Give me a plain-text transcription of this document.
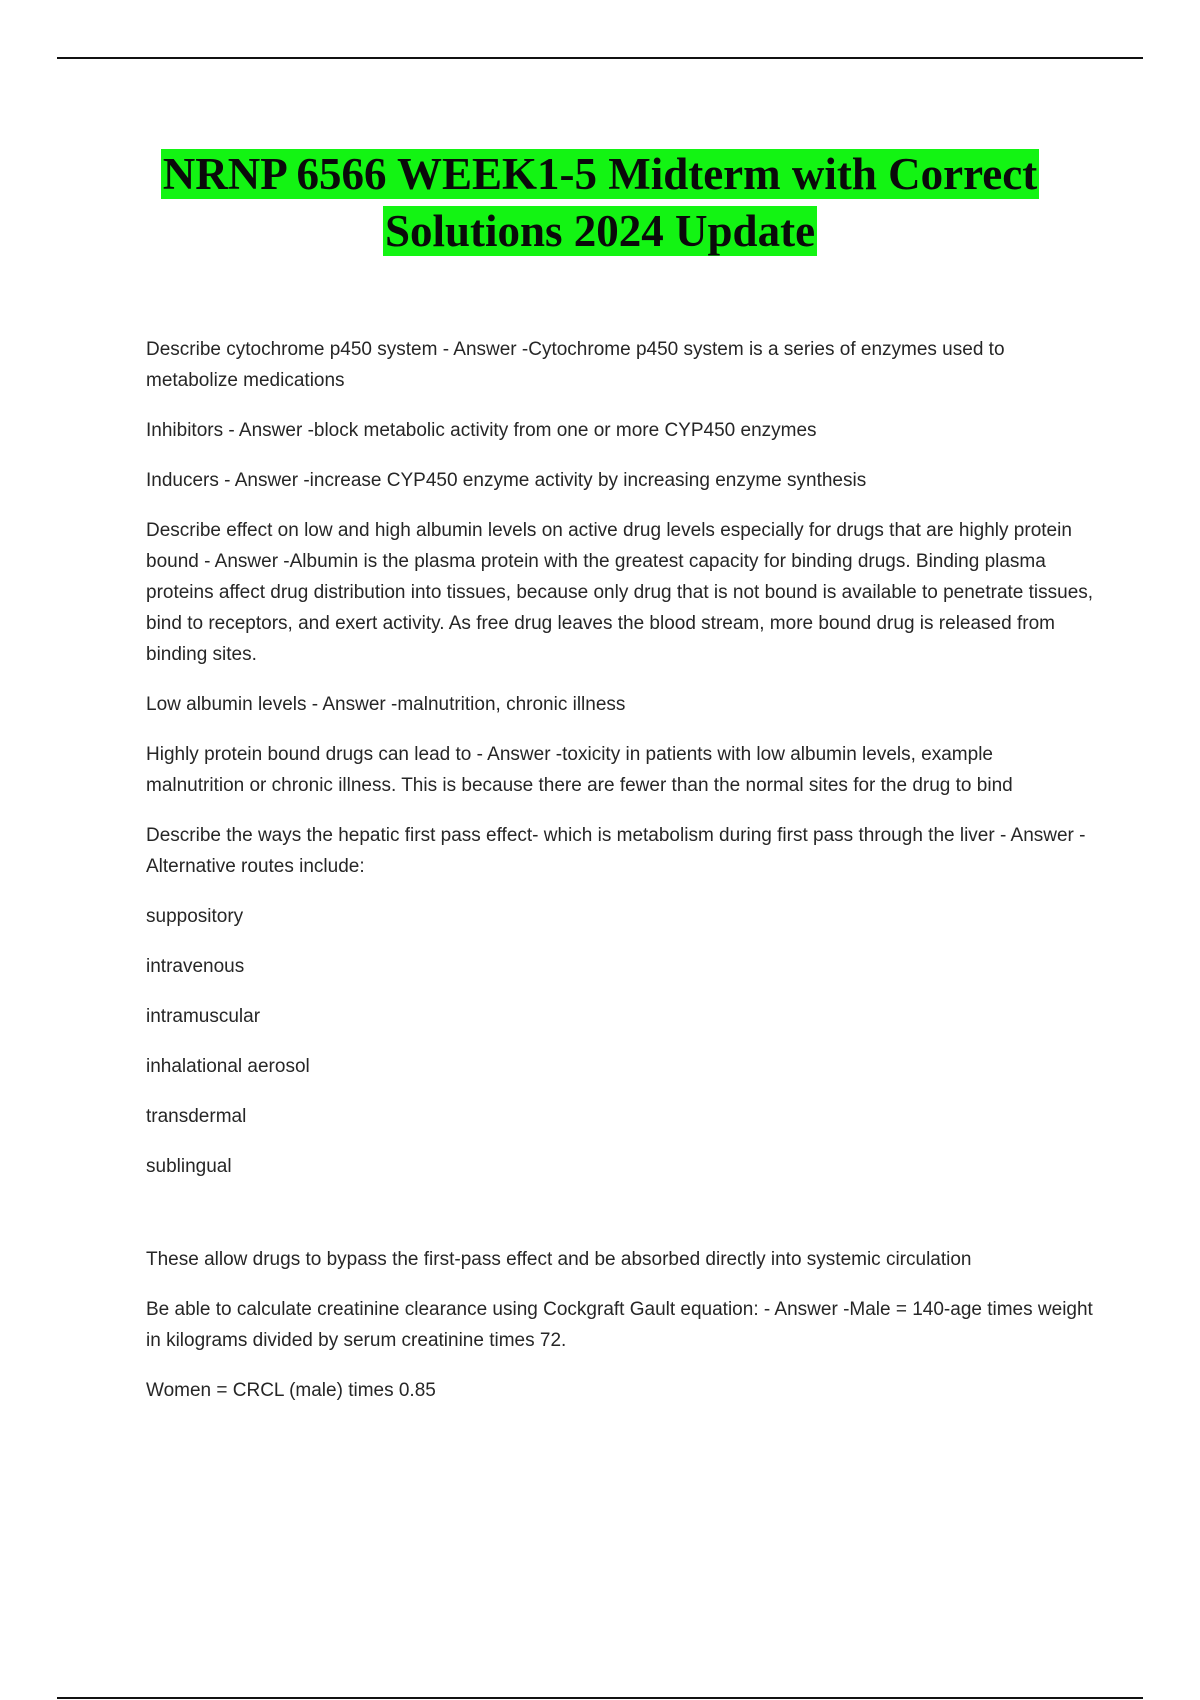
NRNP 6566 WEEK1-5 Midterm with Correct
Solutions 2024 Update

Describe cytochrome p450 system - Answer -Cytochrome p450 system is a series of enzymes used to metabolize medications

Inhibitors - Answer -block metabolic activity from one or more CYP450 enzymes

Inducers - Answer -increase CYP450 enzyme activity by increasing enzyme synthesis

Describe effect on low and high albumin levels on active drug levels especially for drugs that are highly protein bound - Answer -Albumin is the plasma protein with the greatest capacity for binding drugs. Binding plasma proteins affect drug distribution into tissues, because only drug that is not bound is available to penetrate tissues, bind to receptors, and exert activity. As free drug leaves the blood stream, more bound drug is released from binding sites.

Low albumin levels - Answer -malnutrition, chronic illness

Highly protein bound drugs can lead to - Answer -toxicity in patients with low albumin levels, example malnutrition or chronic illness. This is because there are fewer than the normal sites for the drug to bind

Describe the ways the hepatic first pass effect- which is metabolism during first pass through the liver - Answer -Alternative routes include:

suppository

intravenous

intramuscular

inhalational aerosol

transdermal

sublingual

These allow drugs to bypass the first-pass effect and be absorbed directly into systemic circulation

Be able to calculate creatinine clearance using Cockgraft Gault equation: - Answer -Male = 140-age times weight in kilograms divided by serum creatinine times 72.

Women = CRCL (male) times 0.85
